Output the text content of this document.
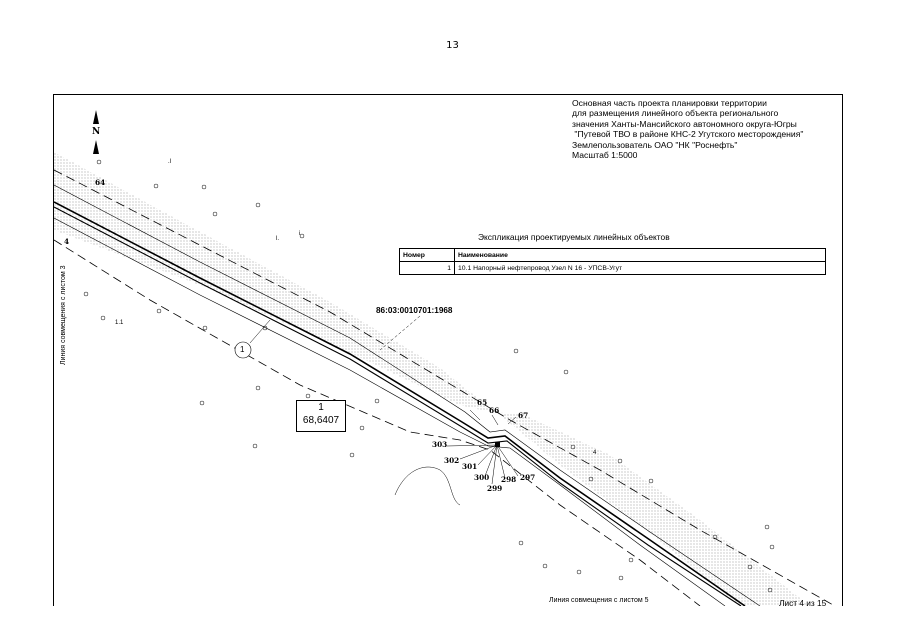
13
N
Основная часть проекта планировки территории
для размещения линейного объекта регионального
значения Ханты-Мансийского автономного округа-Югры
"Путевой ТВО в районе КНС-2 Угутского месторождения"
Землепользователь ОАО "НК "Роснефть"
Масштаб 1:5000
Экспликация проектируемых линейных объектов
Номер	Наименование
1	10.1 Напорный нефтепровод Узел N 16 - УПСВ-Угут
86:03:0010701:1968
1
68,6407
1
64
4
65
66
67
303
302
301
300
299
298 297
.l
l.
i
4
1.1
Линия совмещения с листом 3
Линия совмещения с листом 5	Лист 4 из 15
